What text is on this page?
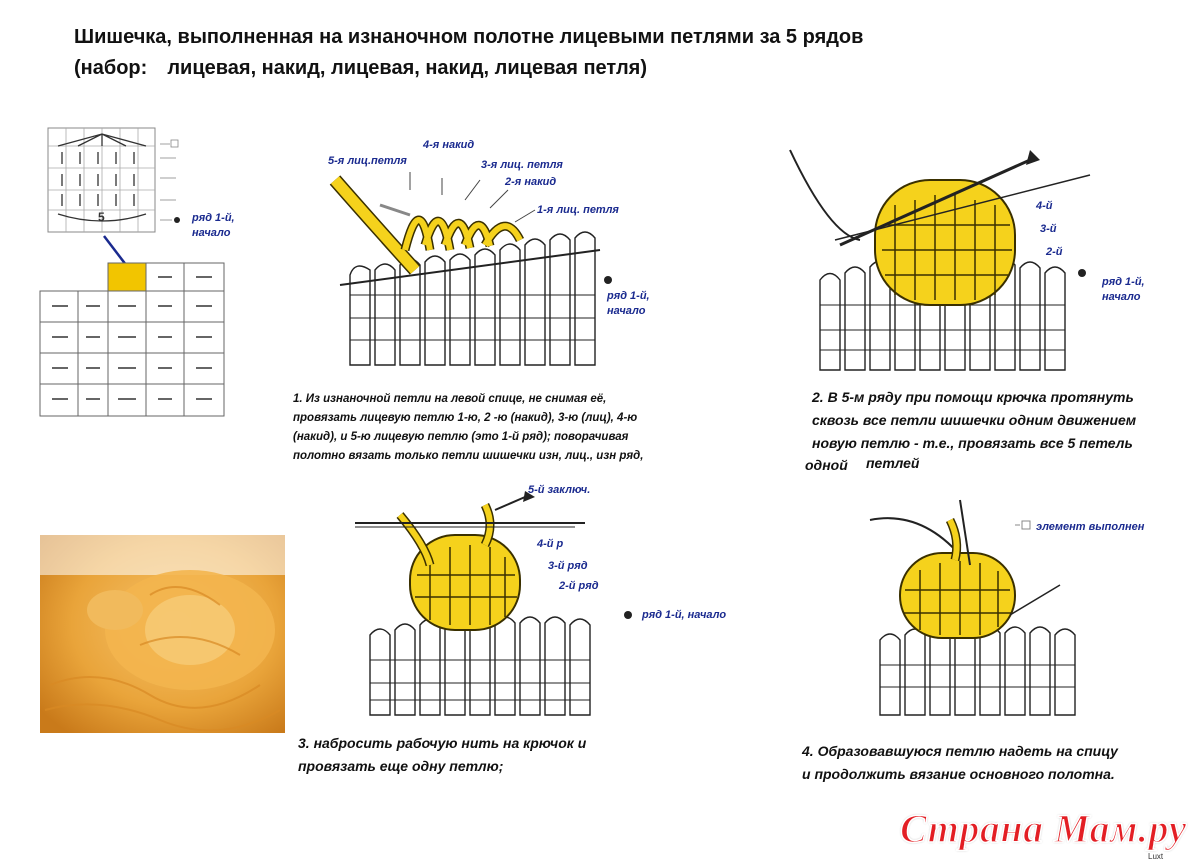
Шишечка, выполненная на изнаночном полотне лицевыми петлями за 5 рядов
(набор: лицевая, накид, лицевая, накид, лицевая петля)
5	ряд 1-й,
начало
5-я лиц.петля
4-я накид
3-я лиц. петля
2-я накид
1-я лиц. петля
ряд 1-й,
начало
1. Из изнаночной петли на левой спице, не снимая её,
провязать лицевую петлю 1-ю, 2 -ю (накид), 3-ю (лиц), 4-ю
(накид), и 5-ю лицевую петлю (это 1-й ряд); поворачивая
полотно вязать только петли шишечки изн, лиц., изн ряд,
4-й
3-й
2-й
ряд 1-й,
начало
2. В 5-м ряду при помощи крючка протянуть
сквозь все петли шишечки одним движением
новую петлю - т.е., провязать все 5 петель
одной петлей
5-й заключ.
4-й р
3-й ряд
2-й ряд
ряд 1-й, начало
3. набросить рабочую нить на крючок и
провязать еще одну петлю;
элемент выполнен
4. Образовавшуюся петлю надеть на спицу
и продолжить вязание основного полотна.
Страна Мам.ру
Luxt
